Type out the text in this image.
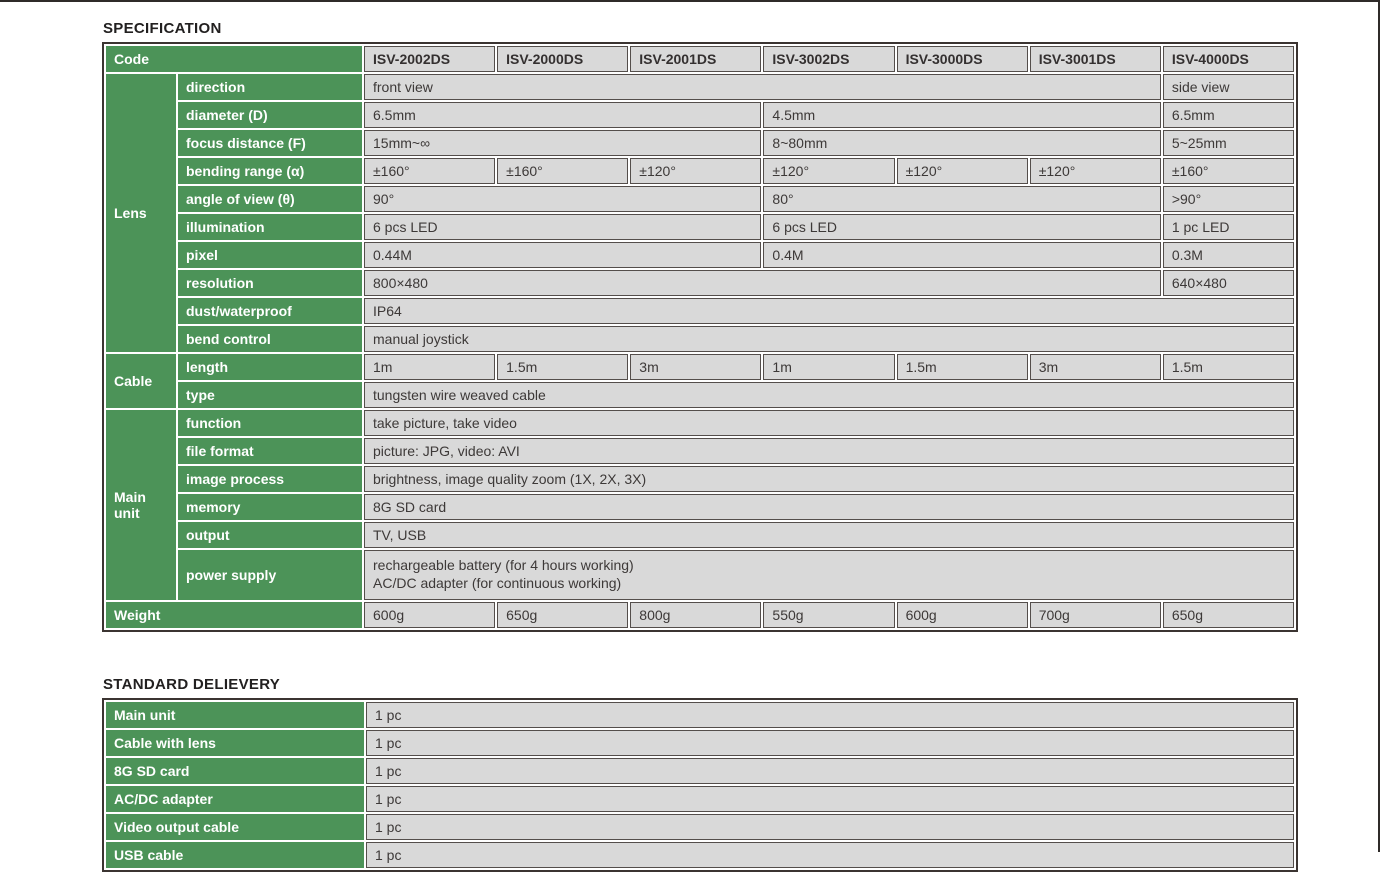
SPECIFICATION
Code		ISV-2002DS	ISV-2000DS	ISV-2001DS	ISV-3002DS	ISV-3000DS	ISV-3001DS	ISV-4000DS
Lens	direction	front view						side view
	diameter (D)	6.5mm			4.5mm			6.5mm
	focus distance (F)	15mm~∞			8~80mm			5~25mm
	bending range (α)	±160°	±160°	±120°	±120°	±120°	±120°	±160°
	angle of view (θ)	90°			80°			>90°
	illumination	6 pcs LED			6 pcs LED			1 pc LED
	pixel	0.44M			0.4M			0.3M
	resolution	800×480						640×480
	dust/waterproof	IP64						
	bend control	manual joystick						
Cable	length	1m	1.5m	3m	1m	1.5m	3m	1.5m
	type	tungsten wire weaved cable						
Main unit	function	take picture, take video						
	file format	picture: JPG, video: AVI						
	image process	brightness, image quality zoom (1X, 2X, 3X)						
	memory	8G SD card						
	output	TV, USB						
	power supply	rechargeable battery (for 4 hours working)
AC/DC adapter (for continuous working)						

Weight		600g	650g	800g	550g	600g	700g	650g
STANDARD DELIEVERY
Main unit	1 pc
Cable with lens	1 pc
8G SD card	1 pc
AC/DC adapter	1 pc
Video output cable	1 pc
USB cable	1 pc
